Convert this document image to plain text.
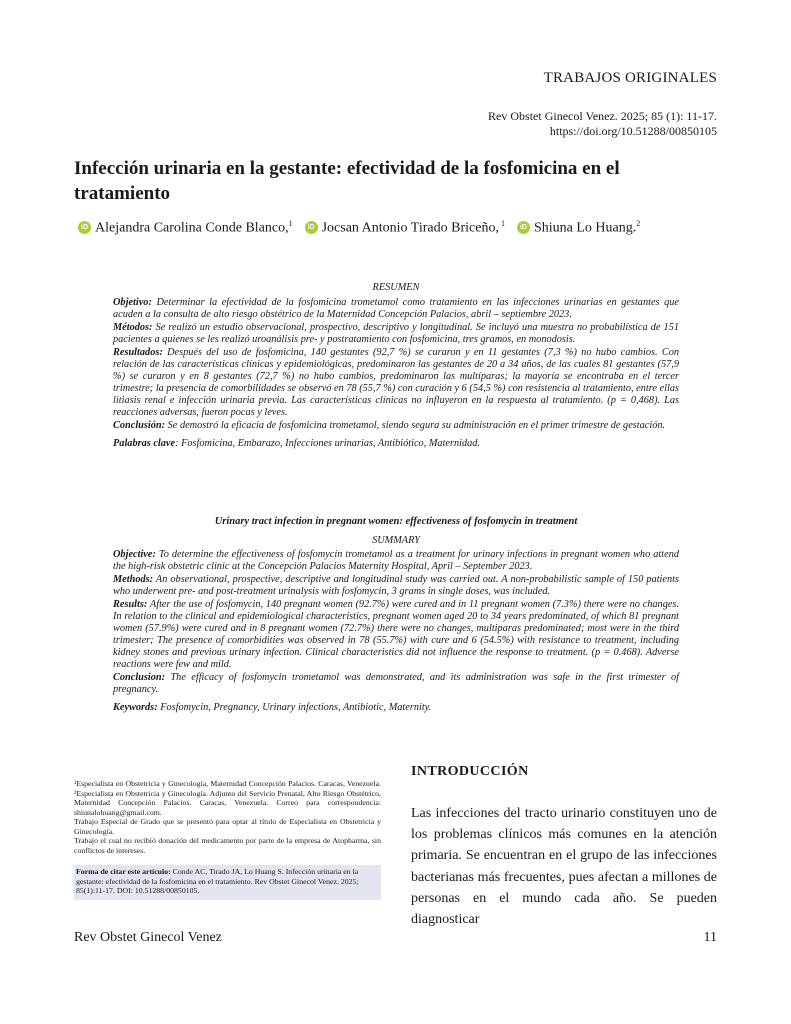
TRABAJOS ORIGINALES
Rev Obstet Ginecol Venez. 2025; 85 (1): 11-17.
https://doi.org/10.51288/00850105
Infección urinaria en la gestante: efectividad de la fosfomicina en el tratamiento
iD Alejandra Carolina Conde Blanco,$^1$	iD Jocsan Antonio Tirado Briceño, $^1$	iD Shiuna Lo Huang.$^2$
RESUMEN

Objetivo: Determinar la efectividad de la fosfomicina trometamol como tratamiento en las infecciones urinarias en gestantes que acuden a la consulta de alto riesgo obstétrico de la Maternidad Concepción Palacios, abril – septiembre 2023.

Métodos: Se realizó un estudio observacional, prospectivo, descriptivo y longitudinal. Se incluyó una muestra no probabilística de 151 pacientes a quienes se les realizó uroanálisis pre- y postratamiento con fosfomicina, tres gramos, en monodosis.

Resultados: Después del uso de fosfomicina, 140 gestantes (92,7 %) se curaron y en 11 gestantes (7,3 %) no hubo cambios. Con relación de las características clínicas y epidemiológicas, predominaron las gestantes de 20 a 34 años, de las cuales 81 gestantes (57,9 %) se curaron y en 8 gestantes (72,7 %) no hubo cambios, predominaron las multíparas; la mayoría se encontraba en el tercer trimestre; la presencia de comorbilidades se observó en 78 (55,7 %) con curación y 6 (54,5 %) con resistencia al tratamiento, entre ellas litiasis renal e infección urinaria previa. Las características clínicas no influyeron en la respuesta al tratamiento. (p = 0,468). Las reacciones adversas, fueron pocas y leves.

Conclusión: Se demostró la eficacia de fosfomicina trometamol, siendo segura su administración en el primer trimestre de gestación.

Palabras clave: Fosfomicina, Embarazo, Infecciones urinarias, Antibiótico, Maternidad.

Urinary tract infection in pregnant women: effectiveness of fosfomycin in treatment
SUMMARY

Objective: To determine the effectiveness of fosfomycin trometamol as a treatment for urinary infections in pregnant women who attend the high-risk obstetric clinic at the Concepción Palacios Maternity Hospital, April – September 2023.

Methods: An observational, prospective, descriptive and longitudinal study was carried out. A non-probabilistic sample of 150 patients who underwent pre- and post-treatment urinalysis with fosfomycin, 3 grams in single doses, was included.

Results: After the use of fosfomycin, 140 pregnant women (92.7%) were cured and in 11 pregnant women (7.3%) there were no changes. In relation to the clinical and epidemiological characteristics, pregnant women aged 20 to 34 years predominated, of which 81 pregnant women (57.9%) were cured and in 8 pregnant women (72.7%) there were no changes, multiparas predominated; most were in the third trimester; The presence of comorbidities was observed in 78 (55.7%) with cure and 6 (54.5%) with resistance to treatment, including kidney stones and previous urinary infection. Clinical characteristics did not influence the response to treatment. (p = 0.468). Adverse reactions were few and mild.

Conclusion: The efficacy of fosfomycin trometamol was demonstrated, and its administration was safe in the first trimester of pregnancy.

Keywords: Fosfomycin, Pregnancy, Urinary infections, Antibiotic, Maternity.

¹Especialista en Obstetricia y Ginecología, Maternidad Concepción Palacios. Caracas, Venezuela. ²Especialista en Obstetricia y Ginecología. Adjunto del Servicio Prenatal, Alto Riesgo Obstétrico, Maternidad Concepción Palacios. Caracas, Venezuela. Correo para correspondencia: shiunalohuang@gmail.com.

Trabajo Especial de Grado que se presentó para optar al título de Especialista en Obstetricia y Ginecología.

Trabajo el cual no recibió donación del medicamento por parte de la empresa de Atopharma, sin conflictos de intereses.

Forma de citar este artículo: Conde AC, Tirado JA, Lo Huang S. Infección urinaria en la gestante: efectividad de la fosfomicina en el tratamiento. Rev Obstet Ginecol Venez. 2025; 85(1):11-17. DOI: 10.51288/00850105.
INTRODUCCIÓN
Las infecciones del tracto urinario constituyen uno de los problemas clínicos más comunes en la atención primaria. Se encuentran en el grupo de las infecciones bacterianas más frecuentes, pues afectan a millones de personas en el mundo cada año. Se pueden diagnosticar
Rev Obstet Ginecol Venez	11
